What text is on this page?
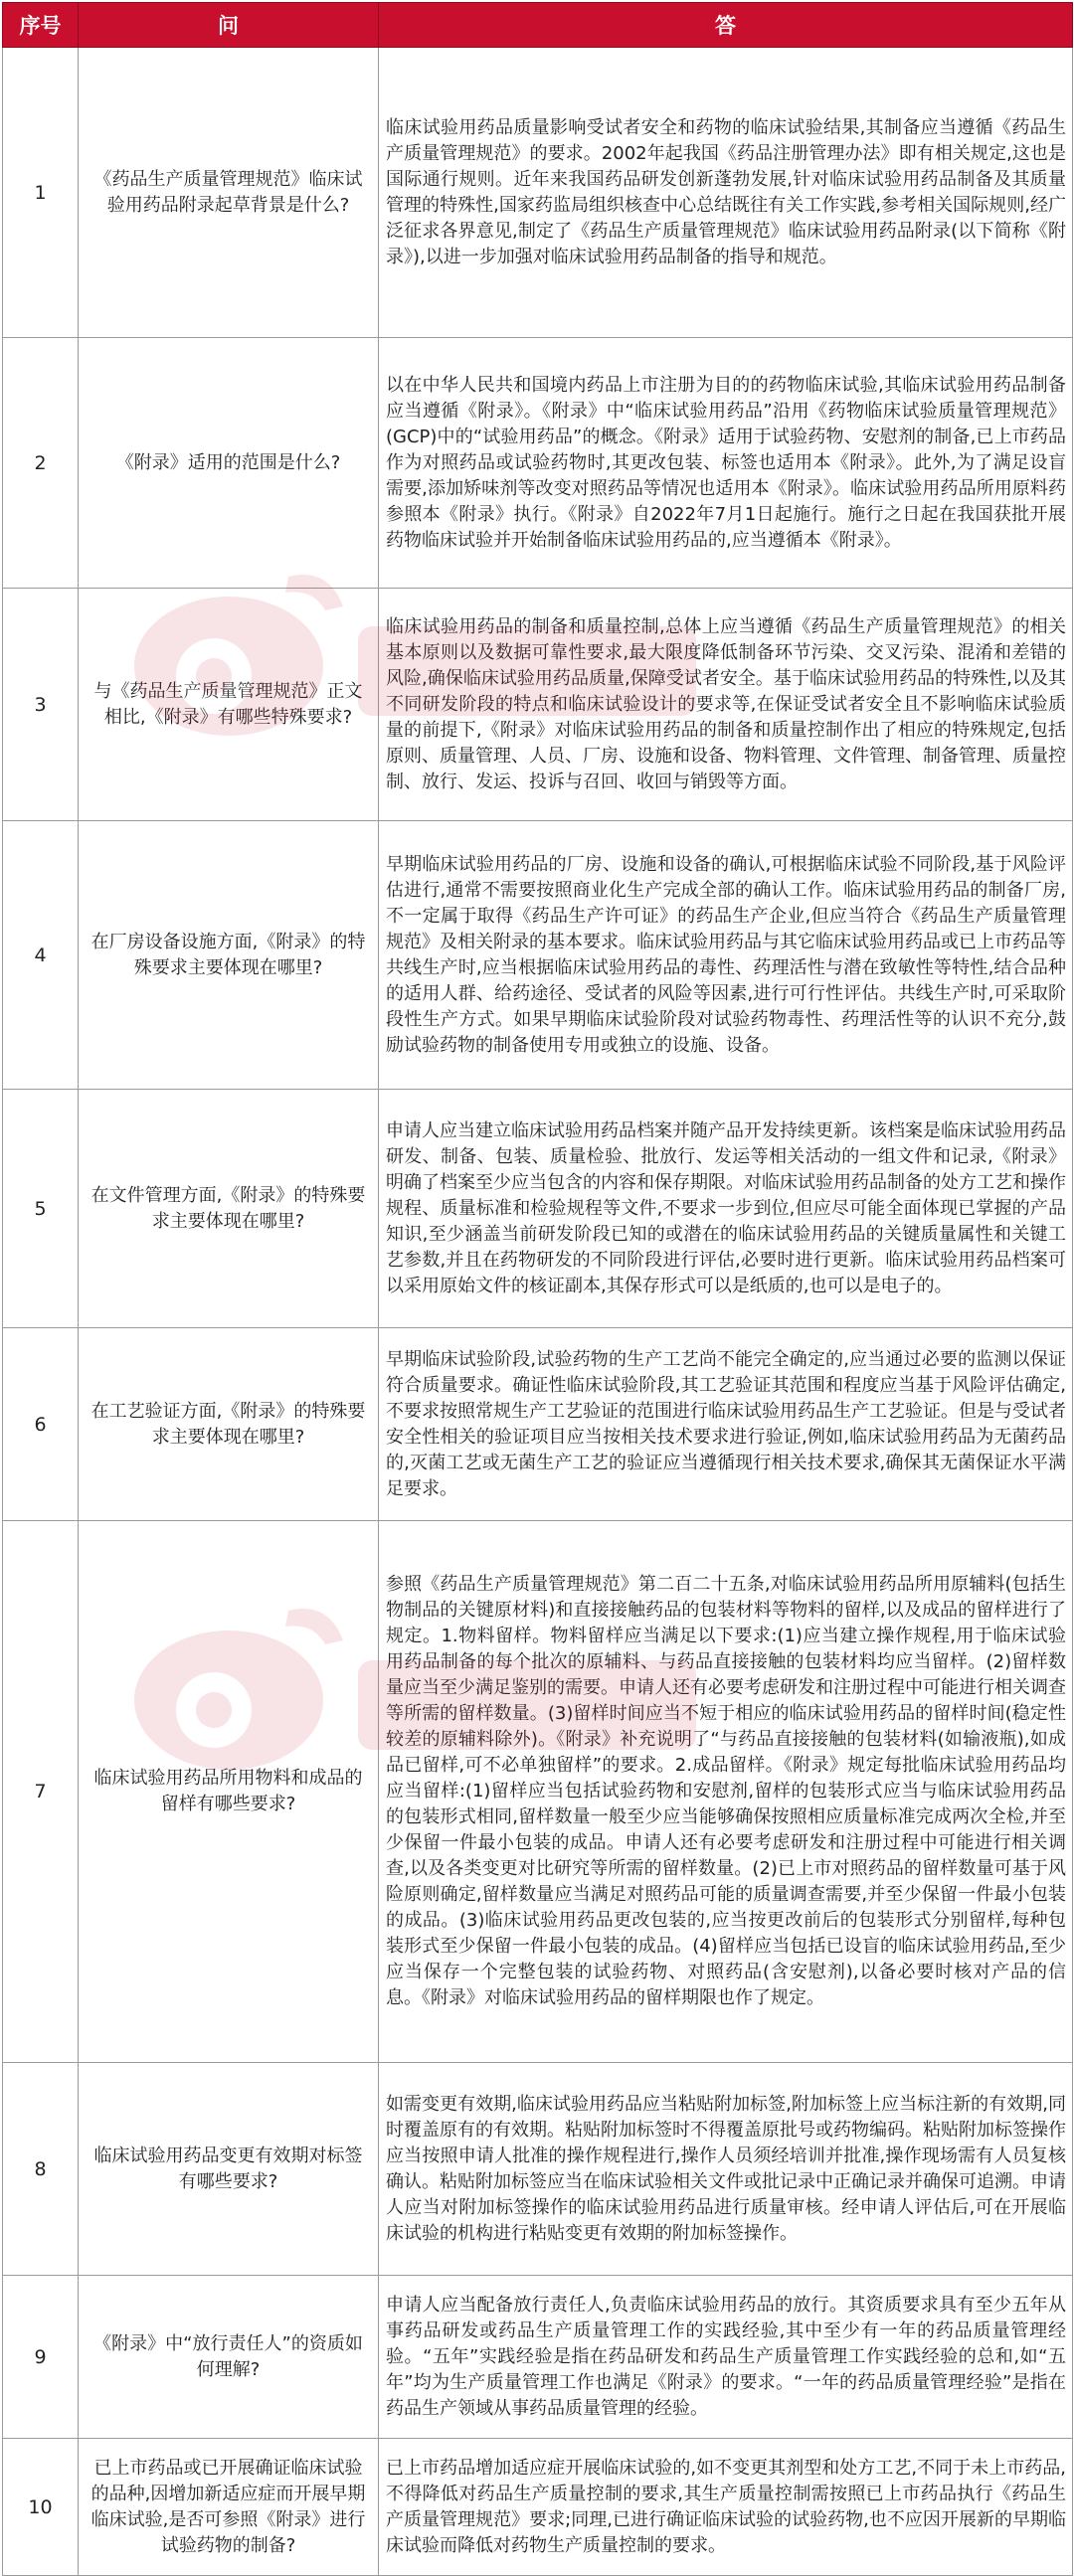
序号	问	答
1	《药品生产质量管理规范》临床试验用药品附录起草背景是什么?	临床试验用药品质量影响受试者安全和药物的临床试验结果,其制备应当遵循《药品生产质量管理规范》的要求。2002年起我国《药品注册管理办法》即有相关规定,这也是国际通行规则。近年来我国药品研发创新蓬勃发展,针对临床试验用药品制备及其质量管理的特殊性,国家药监局组织核查中心总结既往有关工作实践,参考相关国际规则,经广泛征求各界意见,制定了《药品生产质量管理规范》临床试验用药品附录(以下简称《附录》),以进一步加强对临床试验用药品制备的指导和规范。
2	《附录》适用的范围是什么?	以在中华人民共和国境内药品上市注册为目的的药物临床试验,其临床试验用药品制备应当遵循《附录》。《附录》中“临床试验用药品”沿用《药物临床试验质量管理规范》(GCP)中的“试验用药品”的概念。《附录》适用于试验药物、安慰剂的制备,已上市药品作为对照药品或试验药物时,其更改包装、标签也适用本《附录》。此外,为了满足设盲需要,添加矫味剂等改变对照药品等情况也适用本《附录》。临床试验用药品所用原料药参照本《附录》执行。《附录》自2022年7月1日起施行。施行之日起在我国获批开展药物临床试验并开始制备临床试验用药品的,应当遵循本《附录》。
3	与《药品生产质量管理规范》正文相比,《附录》有哪些特殊要求?	临床试验用药品的制备和质量控制,总体上应当遵循《药品生产质量管理规范》的相关基本原则以及数据可靠性要求,最大限度降低制备环节污染、交叉污染、混淆和差错的风险,确保临床试验用药品质量,保障受试者安全。基于临床试验用药品的特殊性,以及其不同研发阶段的特点和临床试验设计的要求等,在保证受试者安全且不影响临床试验质量的前提下,《附录》对临床试验用药品的制备和质量控制作出了相应的特殊规定,包括原则、质量管理、人员、厂房、设施和设备、物料管理、文件管理、制备管理、质量控制、放行、发运、投诉与召回、收回与销毁等方面。
4	在厂房设备设施方面,《附录》的特殊要求主要体现在哪里?	早期临床试验用药品的厂房、设施和设备的确认,可根据临床试验不同阶段,基于风险评估进行,通常不需要按照商业化生产完成全部的确认工作。临床试验用药品的制备厂房,不一定属于取得《药品生产许可证》的药品生产企业,但应当符合《药品生产质量管理规范》及相关附录的基本要求。临床试验用药品与其它临床试验用药品或已上市药品等共线生产时,应当根据临床试验用药品的毒性、药理活性与潜在致敏性等特性,结合品种的适用人群、给药途径、受试者的风险等因素,进行可行性评估。共线生产时,可采取阶段性生产方式。如果早期临床试验阶段对试验药物毒性、药理活性等的认识不充分,鼓励试验药物的制备使用专用或独立的设施、设备。
5	在文件管理方面,《附录》的特殊要求主要体现在哪里?	申请人应当建立临床试验用药品档案并随产品开发持续更新。该档案是临床试验用药品研发、制备、包装、质量检验、批放行、发运等相关活动的一组文件和记录,《附录》明确了档案至少应当包含的内容和保存期限。对临床试验用药品制备的处方工艺和操作规程、质量标准和检验规程等文件,不要求一步到位,但应尽可能全面体现已掌握的产品知识,至少涵盖当前研发阶段已知的或潜在的临床试验用药品的关键质量属性和关键工艺参数,并且在药物研发的不同阶段进行评估,必要时进行更新。临床试验用药品档案可以采用原始文件的核证副本,其保存形式可以是纸质的,也可以是电子的。
6	在工艺验证方面,《附录》的特殊要求主要体现在哪里?	早期临床试验阶段,试验药物的生产工艺尚不能完全确定的,应当通过必要的监测以保证符合质量要求。确证性临床试验阶段,其工艺验证其范围和程度应当基于风险评估确定,不要求按照常规生产工艺验证的范围进行临床试验用药品生产工艺验证。但是与受试者安全性相关的验证项目应当按相关技术要求进行验证,例如,临床试验用药品为无菌药品的,灭菌工艺或无菌生产工艺的验证应当遵循现行相关技术要求,确保其无菌保证水平满足要求。
7	临床试验用药品所用物料和成品的留样有哪些要求?	参照《药品生产质量管理规范》第二百二十五条,对临床试验用药品所用原辅料(包括生物制品的关键原材料)和直接接触药品的包装材料等物料的留样,以及成品的留样进行了规定。1.物料留样。物料留样应当满足以下要求:(1)应当建立操作规程,用于临床试验用药品制备的每个批次的原辅料、与药品直接接触的包装材料均应当留样。(2)留样数量应当至少满足鉴别的需要。申请人还有必要考虑研发和注册过程中可能进行相关调查等所需的留样数量。(3)留样时间应当不短于相应的临床试验用药品的留样时间(稳定性较差的原辅料除外)。《附录》补充说明了“与药品直接接触的包装材料(如输液瓶),如成品已留样,可不必单独留样”的要求。2.成品留样。《附录》规定每批临床试验用药品均应当留样:(1)留样应当包括试验药物和安慰剂,留样的包装形式应当与临床试验用药品的包装形式相同,留样数量一般至少应当能够确保按照相应质量标准完成两次全检,并至少保留一件最小包装的成品。申请人还有必要考虑研发和注册过程中可能进行相关调查,以及各类变更对比研究等所需的留样数量。(2)已上市对照药品的留样数量可基于风险原则确定,留样数量应当满足对照药品可能的质量调查需要,并至少保留一件最小包装的成品。(3)临床试验用药品更改包装的,应当按更改前后的包装形式分别留样,每种包装形式至少保留一件最小包装的成品。(4)留样应当包括已设盲的临床试验用药品,至少应当保存一个完整包装的试验药物、对照药品(含安慰剂),以备必要时核对产品的信息。《附录》对临床试验用药品的留样期限也作了规定。
8	临床试验用药品变更有效期对标签有哪些要求?	如需变更有效期,临床试验用药品应当粘贴附加标签,附加标签上应当标注新的有效期,同时覆盖原有的有效期。粘贴附加标签时不得覆盖原批号或药物编码。粘贴附加标签操作应当按照申请人批准的操作规程进行,操作人员须经培训并批准,操作现场需有人员复核确认。粘贴附加标签应当在临床试验相关文件或批记录中正确记录并确保可追溯。申请人应当对附加标签操作的临床试验用药品进行质量审核。经申请人评估后,可在开展临床试验的机构进行粘贴变更有效期的附加标签操作。
9	《附录》中“放行责任人”的资质如何理解?	申请人应当配备放行责任人,负责临床试验用药品的放行。其资质要求具有至少五年从事药品研发或药品生产质量管理工作的实践经验,其中至少有一年的药品质量管理经验。“五年”实践经验是指在药品研发和药品生产质量管理工作实践经验的总和,如“五年”均为生产质量管理工作也满足《附录》的要求。“一年的药品质量管理经验”是指在药品生产领域从事药品质量管理的经验。
10	已上市药品或已开展确证临床试验的品种,因增加新适应症而开展早期临床试验,是否可参照《附录》进行试验药物的制备?	已上市药品增加适应症开展临床试验的,如不变更其剂型和处方工艺,不同于未上市药品,不得降低对药品生产质量控制的要求,其生产质量控制需按照已上市药品执行《药品生产质量管理规范》要求;同理,已进行确证临床试验的试验药物,也不应因开展新的早期临床试验而降低对药物生产质量控制的要求。
